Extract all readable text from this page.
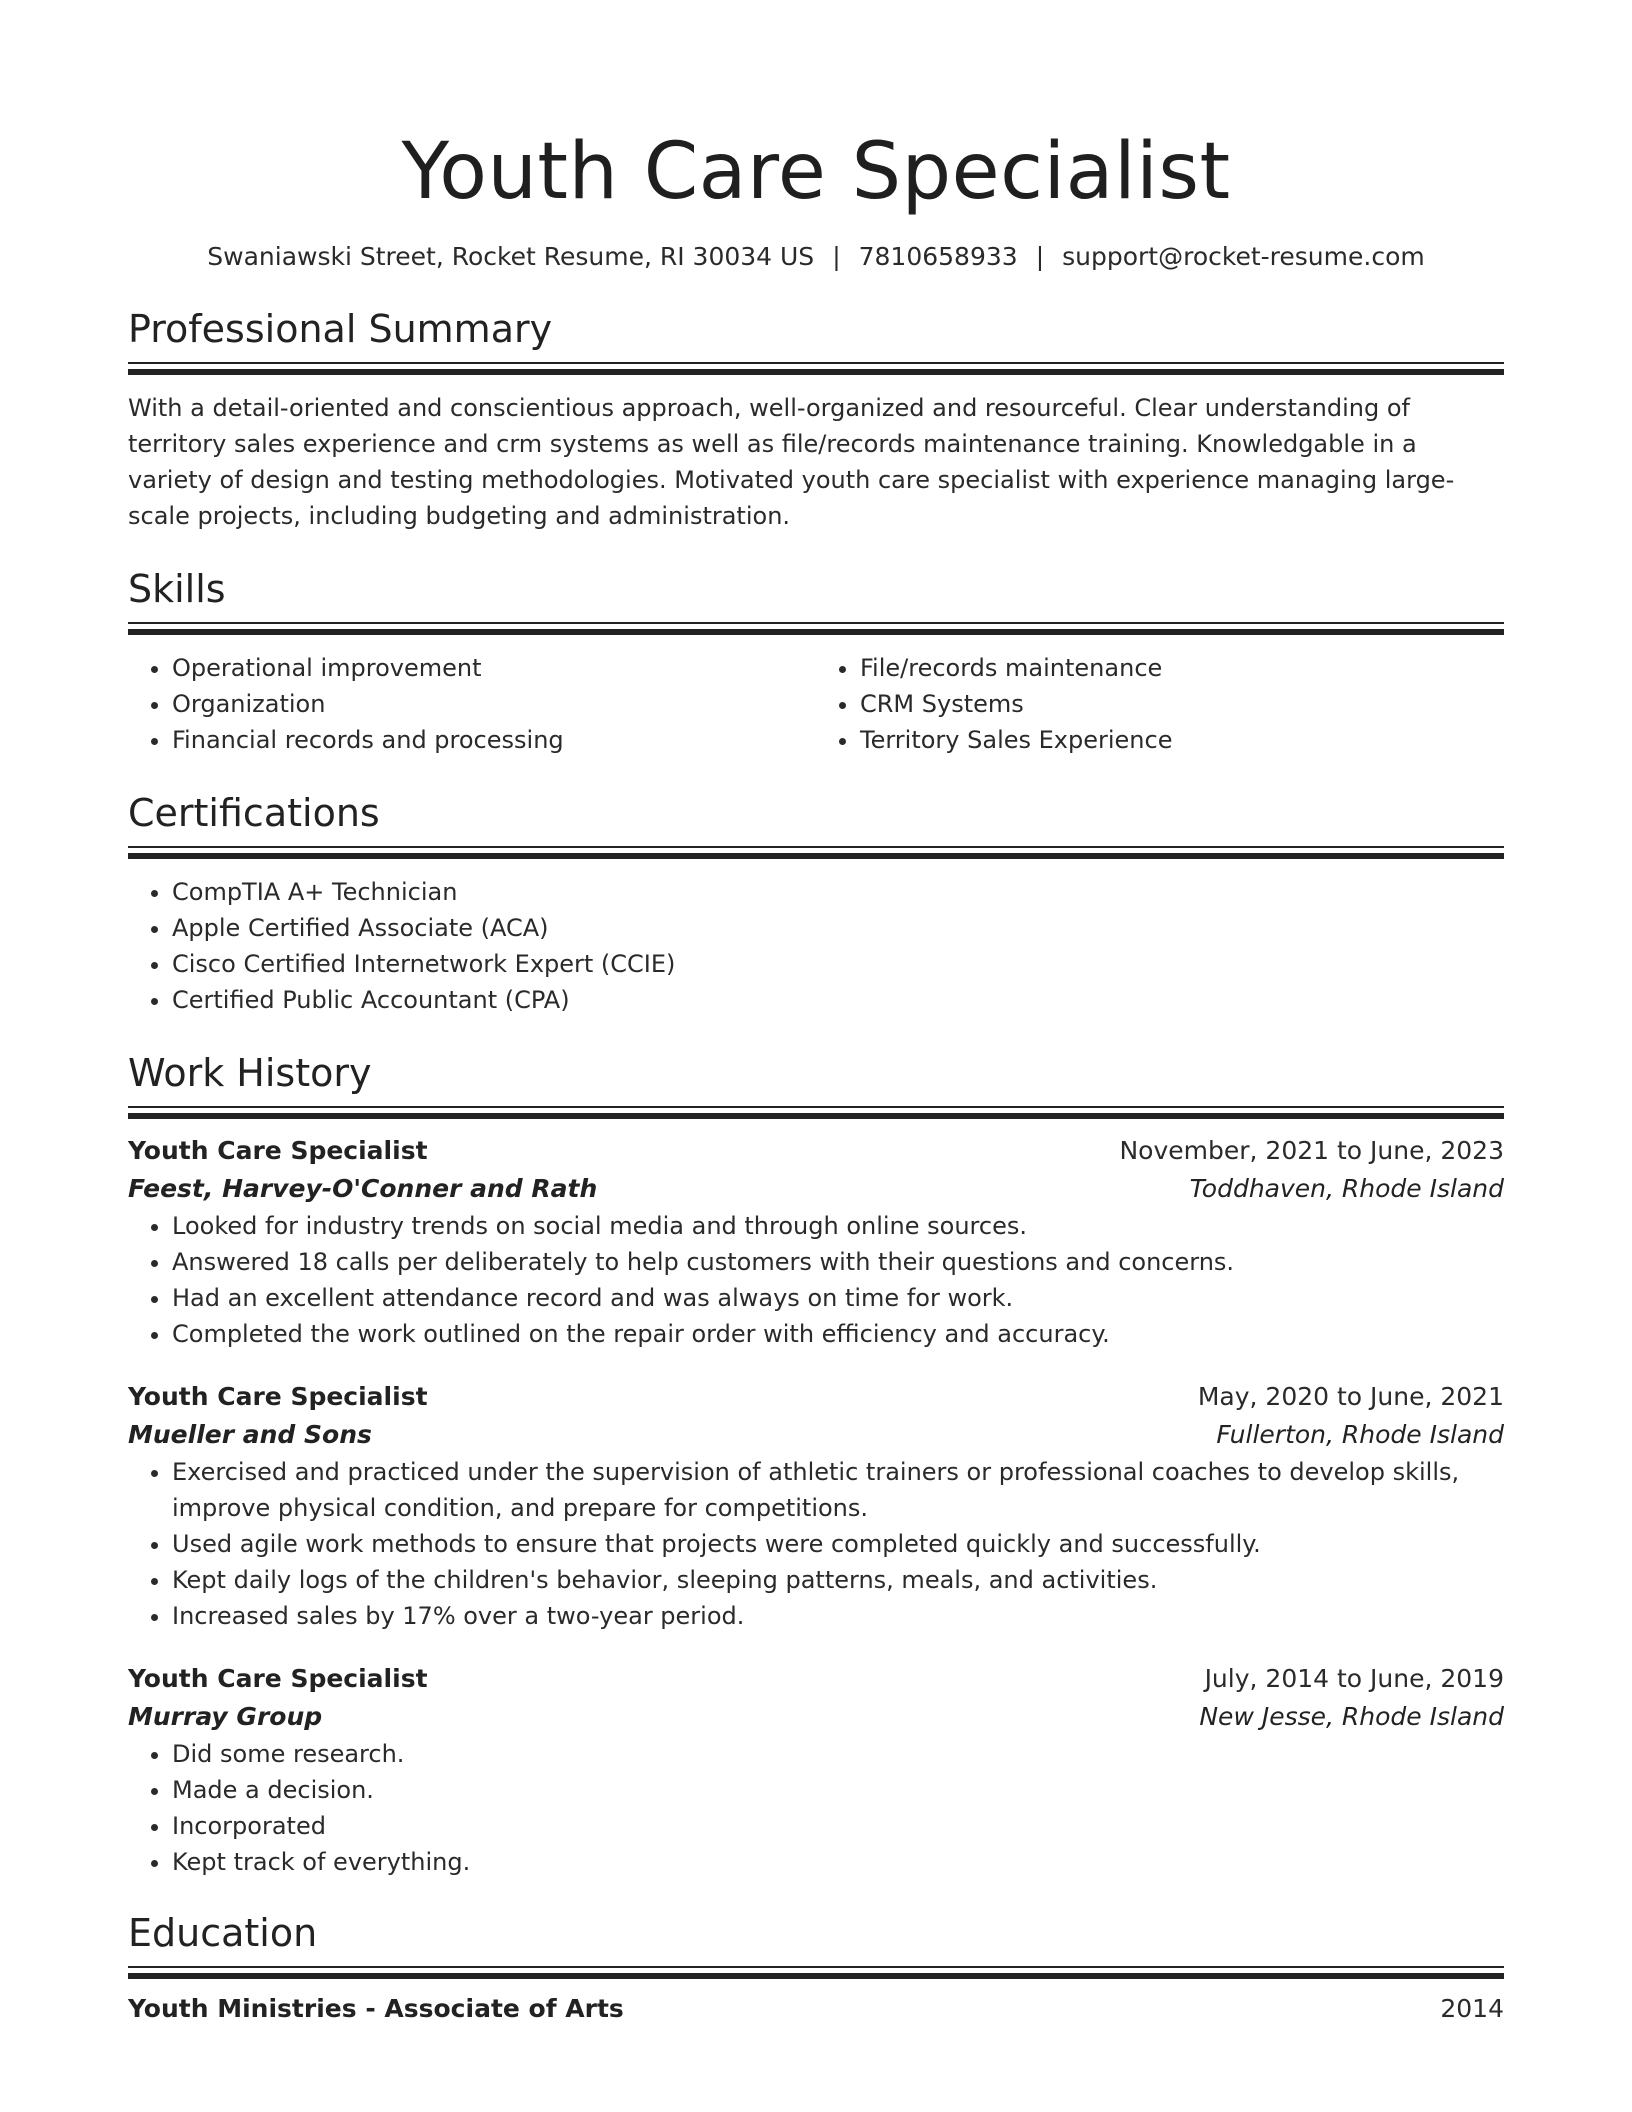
Youth Care Specialist
Swaniawski Street, Rocket Resume, RI 30034 US | 7810658933 | support@rocket-resume.com
Professional Summary

With a detail-oriented and conscientious approach, well-organized and resourceful. Clear understanding of territory sales experience and crm systems as well as file/records maintenance training. Knowledgable in a variety of design and testing methodologies. Motivated youth care specialist with experience managing large-scale projects, including budgeting and administration.

Skills
• Operational improvement
• Organization
• Financial records and processing
• File/records maintenance
• CRM Systems
• Territory Sales Experience
Certifications
• CompTIA A+ Technician
• Apple Certified Associate (ACA)
• Cisco Certified Internetwork Expert (CCIE)
• Certified Public Accountant (CPA)
Work History
Youth Care Specialist	November, 2021 to June, 2023
Feest, Harvey-O'Conner and Rath	Toddhaven, Rhode Island
• Looked for industry trends on social media and through online sources.
• Answered 18 calls per deliberately to help customers with their questions and concerns.
• Had an excellent attendance record and was always on time for work.
• Completed the work outlined on the repair order with efficiency and accuracy.
Youth Care Specialist	May, 2020 to June, 2021
Mueller and Sons	Fullerton, Rhode Island
• Exercised and practiced under the supervision of athletic trainers or professional coaches to develop skills, improve physical condition, and prepare for competitions.
• Used agile work methods to ensure that projects were completed quickly and successfully.
• Kept daily logs of the children's behavior, sleeping patterns, meals, and activities.
• Increased sales by 17% over a two-year period.
Youth Care Specialist	July, 2014 to June, 2019
Murray Group	New Jesse, Rhode Island
• Did some research.
• Made a decision.
• Incorporated
• Kept track of everything.
Education
Youth Ministries - Associate of Arts	2014
